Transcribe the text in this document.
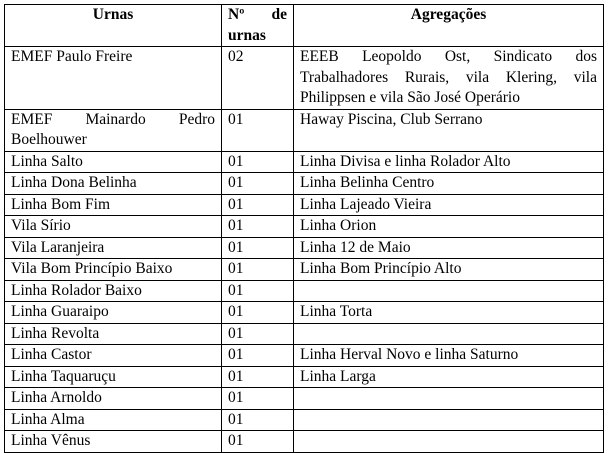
Urnas	Nº de urnas	Agregações
EMEF Paulo Freire	02	EEEB Leopoldo Ost, Sindicato dos Trabalhadores Rurais, vila Klering, vila Philippsen e vila São José Operário
EMEF Mainardo Pedro Boelhouwer	01	Haway Piscina, Club Serrano
Linha Salto	01	Linha Divisa e linha Rolador Alto
Linha Dona Belinha	01	Linha Belinha Centro
Linha Bom Fim	01	Linha Lajeado Vieira
Vila Sírio	01	Linha Orion
Vila Laranjeira	01	Linha 12 de Maio
Vila Bom Princípio Baixo	01	Linha Bom Princípio Alto
Linha Rolador Baixo	01	
Linha Guaraipo	01	Linha Torta
Linha Revolta	01	
Linha Castor	01	Linha Herval Novo e linha Saturno
Linha Taquaruçu	01	Linha Larga
Linha Arnoldo	01	
Linha Alma	01	
Linha Vênus	01	
